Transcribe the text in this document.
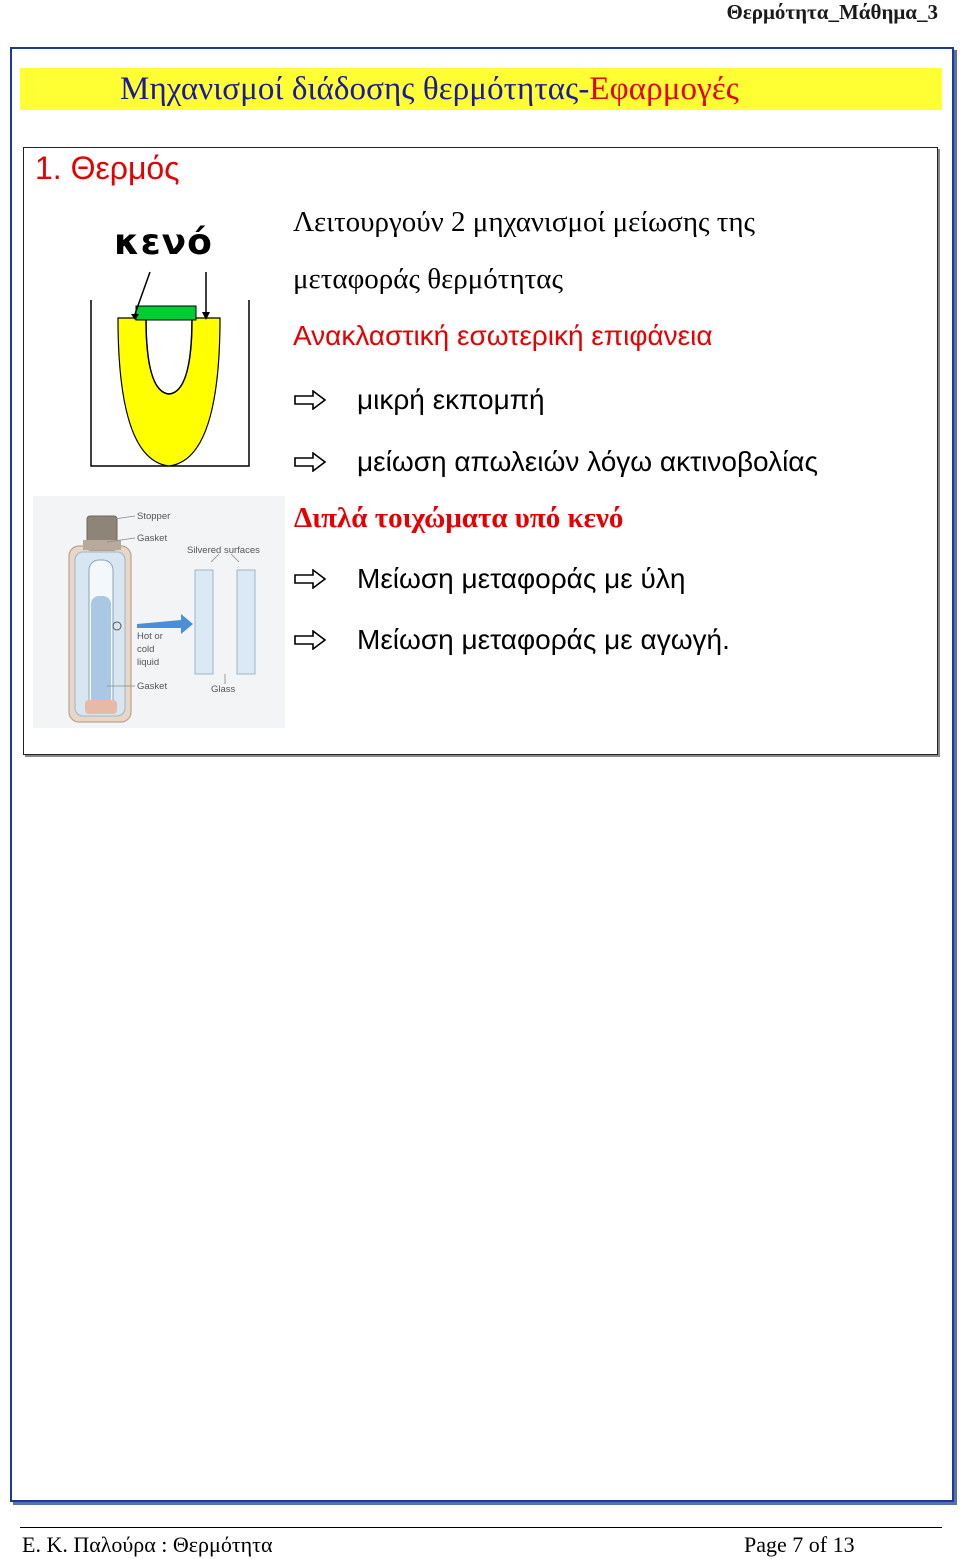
Θερμότητα_Μάθημα_3
Μηχανισμοί διάδοσης θερμότητας- Εφαρμογές
1. Θερμός
κενό
Stopper
Gasket
Silvered surfaces
Hot or
cold
liquid
Gasket	Glass
Λειτουργούν 2 μηχανισμοί μείωσης της
μεταφοράς θερμότητας
Ανακλαστική εσωτερική επιφάνεια
μικρή εκπομπή
μείωση απωλειών λόγω ακτινοβολίας
Διπλά τοιχώματα υπό κενό
Μείωση μεταφοράς με ύλη
Μείωση μεταφοράς με αγωγή.
Ε. Κ. Παλούρα : Θερμότητα	Page 7 of 13
